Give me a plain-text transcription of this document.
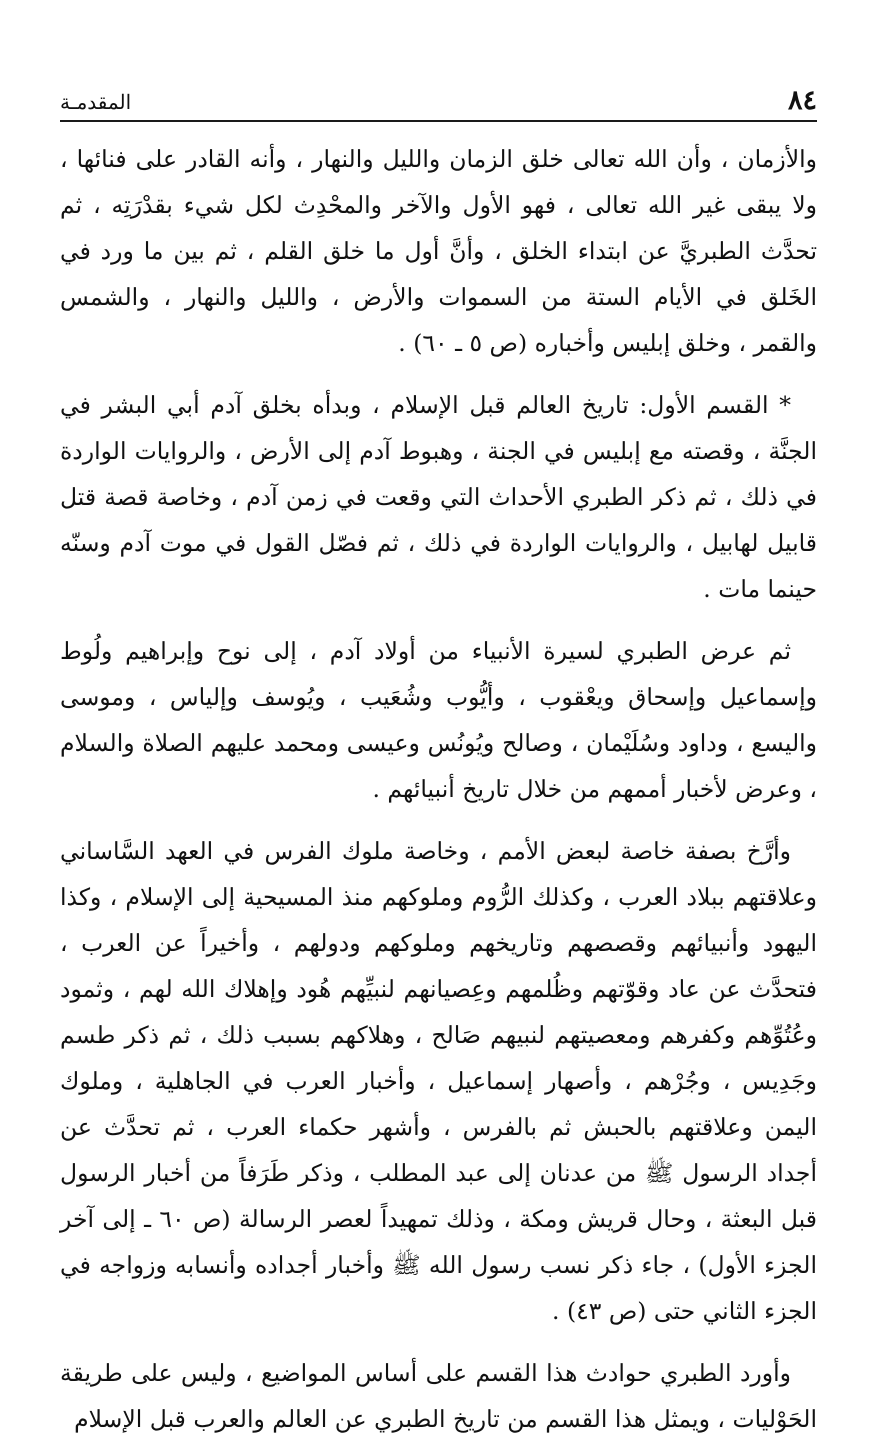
٨٤
المقدمـة

والأزمان ، وأن الله تعالى خلق الزمان والليل والنهار ، وأنه القادر على فنائها ، ولا يبقى غير الله تعالى ، فهو الأول والآخر والمحْدِث لكل شيء بقدْرَتِه ، ثم تحدَّث الطبريَّ عن ابتداء الخلق ، وأنَّ أول ما خلق القلم ، ثم بين ما ورد في الخَلق في الأيام الستة من السموات والأرض ، والليل والنهار ، والشمس والقمر ، وخلق إبليس وأخباره (ص ٥ ـ ٦٠) .

* القسم الأول: تاريخ العالم قبل الإسلام ، وبدأه بخلق آدم أبي البشر في الجنَّة ، وقصته مع إبليس في الجنة ، وهبوط آدم إلى الأرض ، والروايات الواردة في ذلك ، ثم ذكر الطبري الأحداث التي وقعت في زمن آدم ، وخاصة قصة قتل قابيل لهابيل ، والروايات الواردة في ذلك ، ثم فصّل القول في موت آدم وسنّه حينما مات .

ثم عرض الطبري لسيرة الأنبياء من أولاد آدم ، إلى نوح وإبراهيم ولُوط وإسماعيل وإسحاق ويعْقوب ، وأيُّوب وشُعَيب ، ويُوسف وإلياس ، وموسى واليسع ، وداود وسُلَيْمان ، وصالح ويُونُس وعيسى ومحمد عليهم الصلاة والسلام ، وعرض لأخبار أممهم من خلال تاريخ أنبيائهم .

وأرَّخ بصفة خاصة لبعض الأمم ، وخاصة ملوك الفرس في العهد السَّاساني وعلاقتهم ببلاد العرب ، وكذلك الرُّوم وملوكهم منذ المسيحية إلى الإسلام ، وكذا اليهود وأنبيائهم وقصصهم وتاريخهم وملوكهم ودولهم ، وأخيراً عن العرب ، فتحدَّث عن عاد وقوّتهم وظُلمهم وعِصيانهم لنبيِّهم هُود وإهلاك الله لهم ، وثمود وعُتُوِّهم وكفرهم ومعصيتهم لنبيهم صَالح ، وهلاكهم بسبب ذلك ، ثم ذكر طسم وجَدِيس ، وجُرْهم ، وأصهار إسماعيل ، وأخبار العرب في الجاهلية ، وملوك اليمن وعلاقتهم بالحبش ثم بالفرس ، وأشهر حكماء العرب ، ثم تحدَّث عن أجداد الرسول ﷺ من عدنان إلى عبد المطلب ، وذكر طَرَفاً من أخبار الرسول قبل البعثة ، وحال قريش ومكة ، وذلك تمهيداً لعصر الرسالة (ص ٦٠ ـ إلى آخر الجزء الأول) ، جاء ذكر نسب رسول الله ﷺ وأخبار أجداده وأنسابه وزواجه في الجزء الثاني حتى (ص ٤٣) .

وأورد الطبري حوادث هذا القسم على أساس المواضيع ، وليس على طريقة الحَوْليات ، ويمثل هذا القسم من تاريخ الطبري عن العالم والعرب قبل الإسلام
